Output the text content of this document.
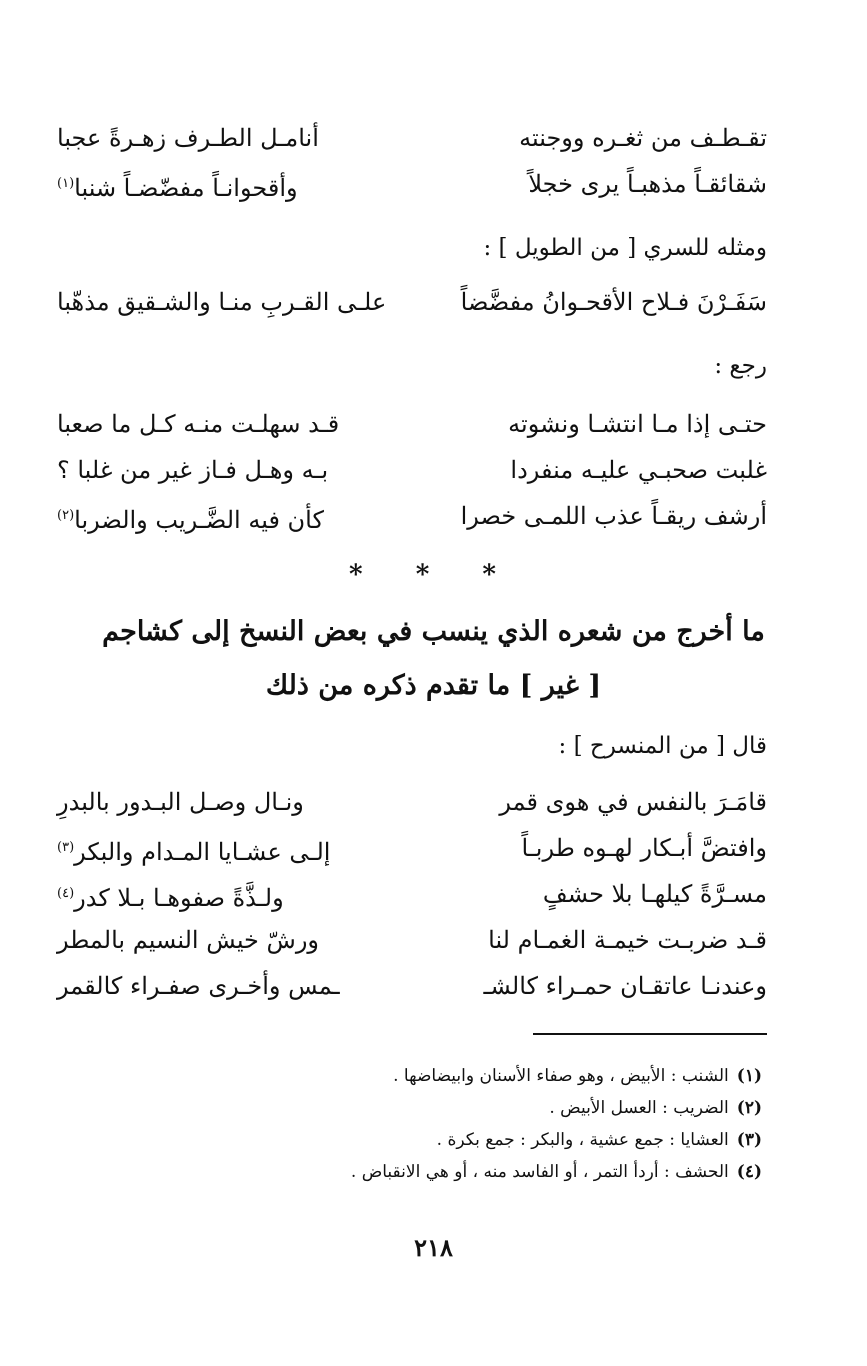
تقـطـف من ثغـره ووجنته
أنامـل الطـرف زهـرةً عجبا
شقائقـاً مذهبـاً يرى خجلاً
وأقحوانـاً مفضّضـاً شنبا$^{(١)}$
ومثله للسري [ من الطويل ] :
سَفَـرْنَ فـلاح الأقحـوانُ مفضَّضاً
علـى القـربِ منـا والشـقيق مذهّبا
رجع :
حتـى إذا مـا انتشـا ونشوته
قـد سهلـت منـه كـل ما صعبا
غلبت صحبـي عليـه منفردا
بـه وهـل فـاز غير من غلبا ؟
أرشف ريقـاً عذب اللمـى خصرا
كأن فيه الضَّـريب والضربا$^{(٢)}$
* * *
ما أخرج من شعره الذي ينسب في بعض النسخ إلى كشاجم
[ غير ] ما تقدم ذكره من ذلك
قال [ من المنسرح ] :
قامَـرَ بالنفس في هوى قمر
ونـال وصـل البـدور بالبدرِ
وافتضَّ أبـكار لهـوه طربـاً
إلـى عشـايا المـدام والبكر$^{(٣)}$
مسـرَّةً كيلهـا بلا حشفٍ
ولـذَّةً صفوهـا بـلا كدر$^{(٤)}$
قـد ضربـت خيمـة الغمـام لنا
ورشّ خيش النسيم بالمطر
وعندنـا عاتقـان حمـراء كالشـ
ـمس وأخـرى صفـراء كالقمر
(١)الشنب : الأبيض ، وهو صفاء الأسنان وابيضاضها .
(٢)الضريب : العسل الأبيض .
(٣)العشايا : جمع عشية ، والبكر : جمع بكرة .
(٤)الحشف : أردأ التمر ، أو الفاسد منه ، أو هي الانقباض .
٢١٨
